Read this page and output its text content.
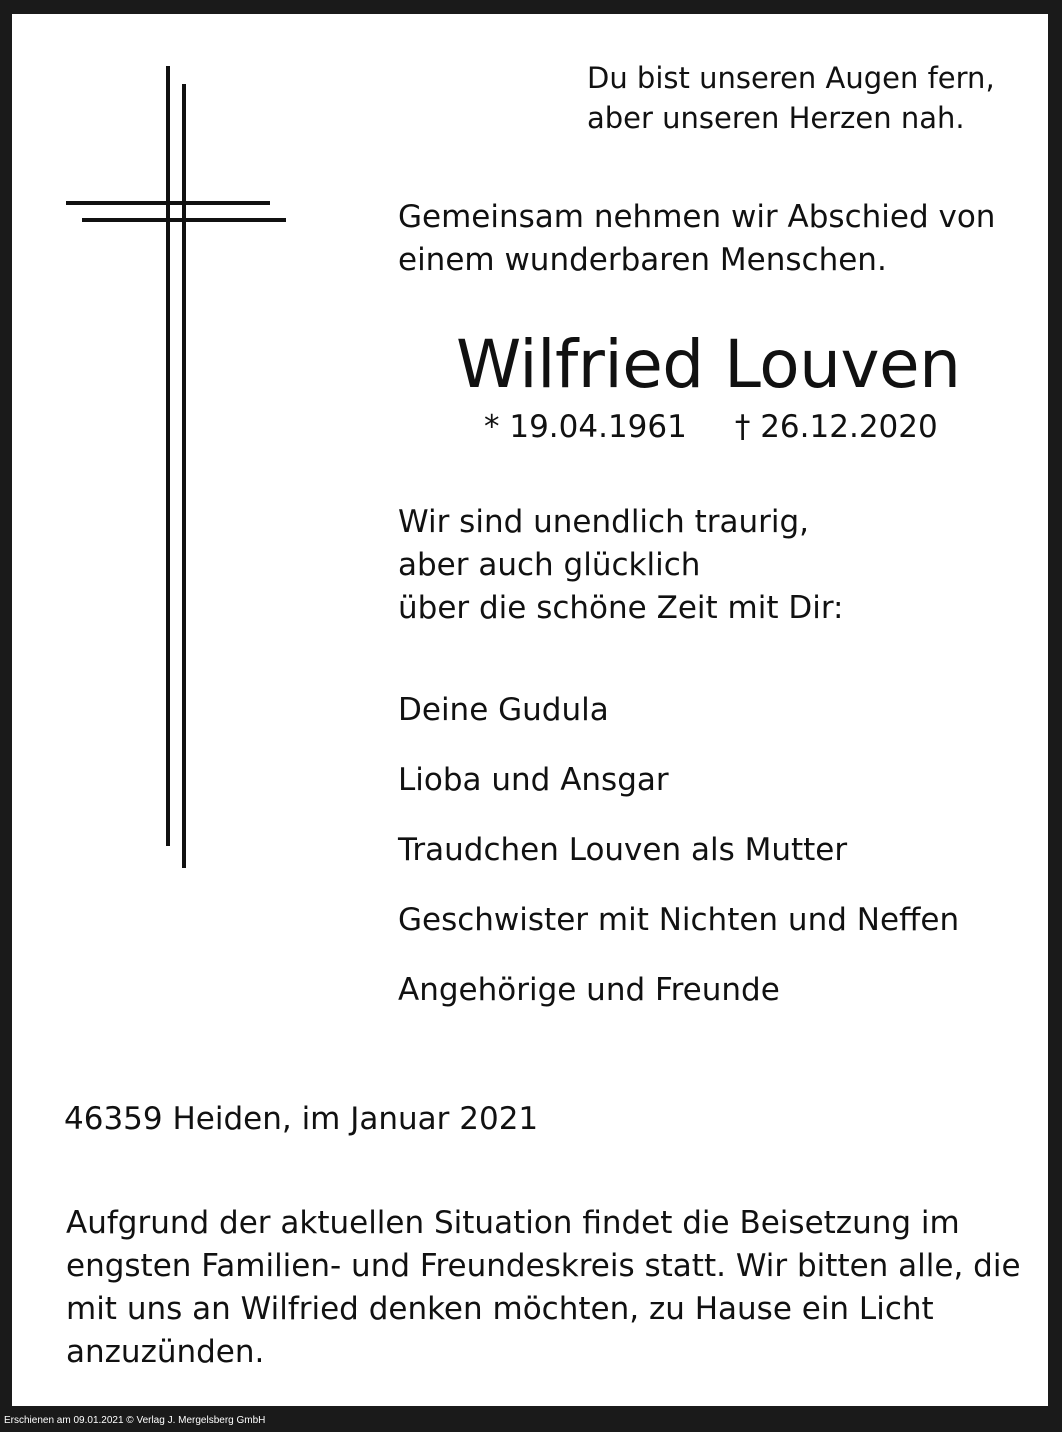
Du bist unseren Augen fern,
aber unseren Herzen nah.
Gemeinsam nehmen wir Abschied von
einem wunderbaren Menschen.
Wilfried Louven
* 19.04.1961 † 26.12.2020
Wir sind unendlich traurig,
aber auch glücklich
über die schöne Zeit mit Dir:
Deine Gudula
Lioba und Ansgar
Traudchen Louven als Mutter
Geschwister mit Nichten und Neffen
Angehörige und Freunde
46359 Heiden, im Januar 2021
Aufgrund der aktuellen Situation findet die Beisetzung im engsten Familien- und Freundeskreis statt. Wir bitten alle, die mit uns an Wilfried denken möchten, zu Hause ein Licht anzuzünden.
Erschienen am 09.01.2021 © Verlag J. Mergelsberg GmbH
